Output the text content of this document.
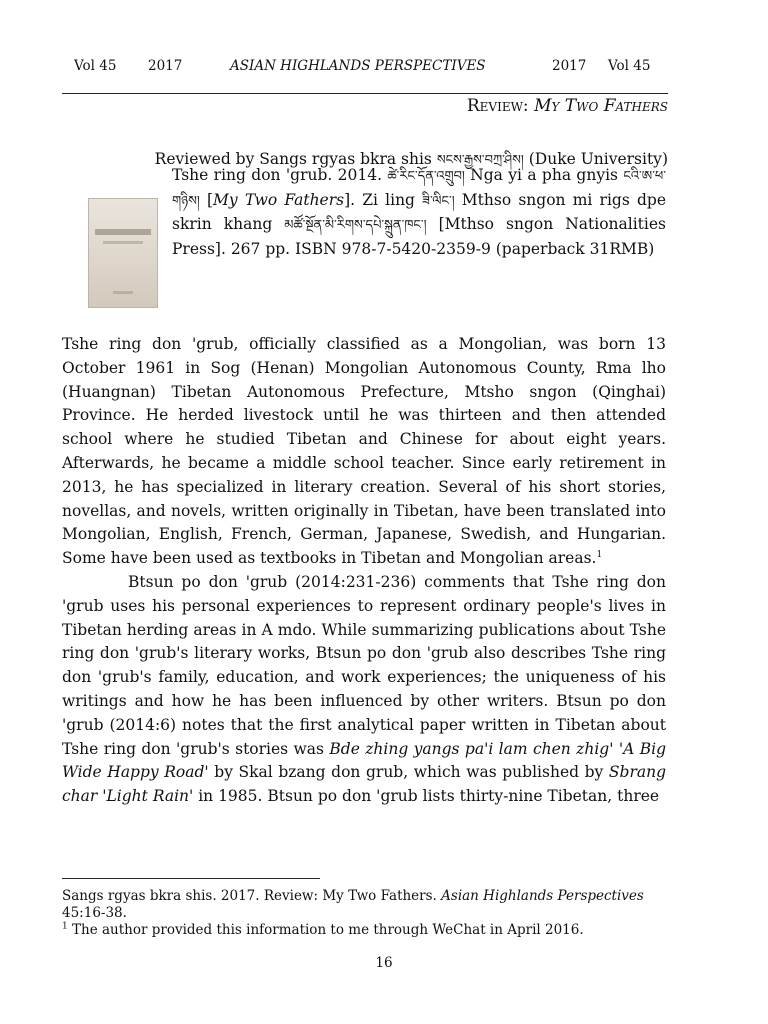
Vol 45 2017	ASIAN HIGHLANDS PERSPECTIVES	2017 Vol 45
Review: My Two Fathers
Reviewed by Sangs rgyas bkra shis སངས་རྒྱས་བཀྲ་ཤིས། (Duke University)
Tshe ring don 'grub. 2014. ཚེ་རིང་དོན་འགྲུབ། Nga yi a pha gnyis ངའི་ཨ་ཕ་གཉིས། [My Two Fathers]. Zi ling ཟི་ལིང་། Mthso sngon mi rigs dpe skrin khang མཚོ་སྔོན་མི་རིགས་དཔེ་སྐྲུན་ཁང་། [Mthso sngon Nationalities Press]. 267 pp. ISBN 978-7-5420-2359-9 (paperback 31RMB)

Tshe ring don 'grub, officially classified as a Mongolian, was born 13 October 1961 in Sog (Henan) Mongolian Autonomous County, Rma lho (Huangnan) Tibetan Autonomous Prefecture, Mtsho sngon (Qinghai) Province. He herded livestock until he was thirteen and then attended school where he studied Tibetan and Chinese for about eight years. Afterwards, he became a middle school teacher. Since early retirement in 2013, he has specialized in literary creation. Several of his short stories, novellas, and novels, written originally in Tibetan, have been translated into Mongolian, English, French, German, Japanese, Swedish, and Hungarian. Some have been used as textbooks in Tibetan and Mongolian areas.$^1$

Btsun po don 'grub (2014:231-236) comments that Tshe ring don 'grub uses his personal experiences to represent ordinary people's lives in Tibetan herding areas in A mdo. While summarizing publications about Tshe ring don 'grub's literary works, Btsun po don 'grub also describes Tshe ring don 'grub's family, education, and work experiences; the uniqueness of his writings and how he has been influenced by other writers. Btsun po don 'grub (2014:6) notes that the first analytical paper written in Tibetan about Tshe ring don 'grub's stories was Bde zhing yangs pa'i lam chen zhig' 'A Big Wide Happy Road' by Skal bzang don grub, which was published by Sbrang char 'Light Rain' in 1985. Btsun po don 'grub lists thirty-nine Tibetan, three

Sangs rgyas bkra shis. 2017. Review: My Two Fathers. Asian Highlands Perspectives 45:16-38.

$^1$ The author provided this information to me through WeChat in April 2016.

16
